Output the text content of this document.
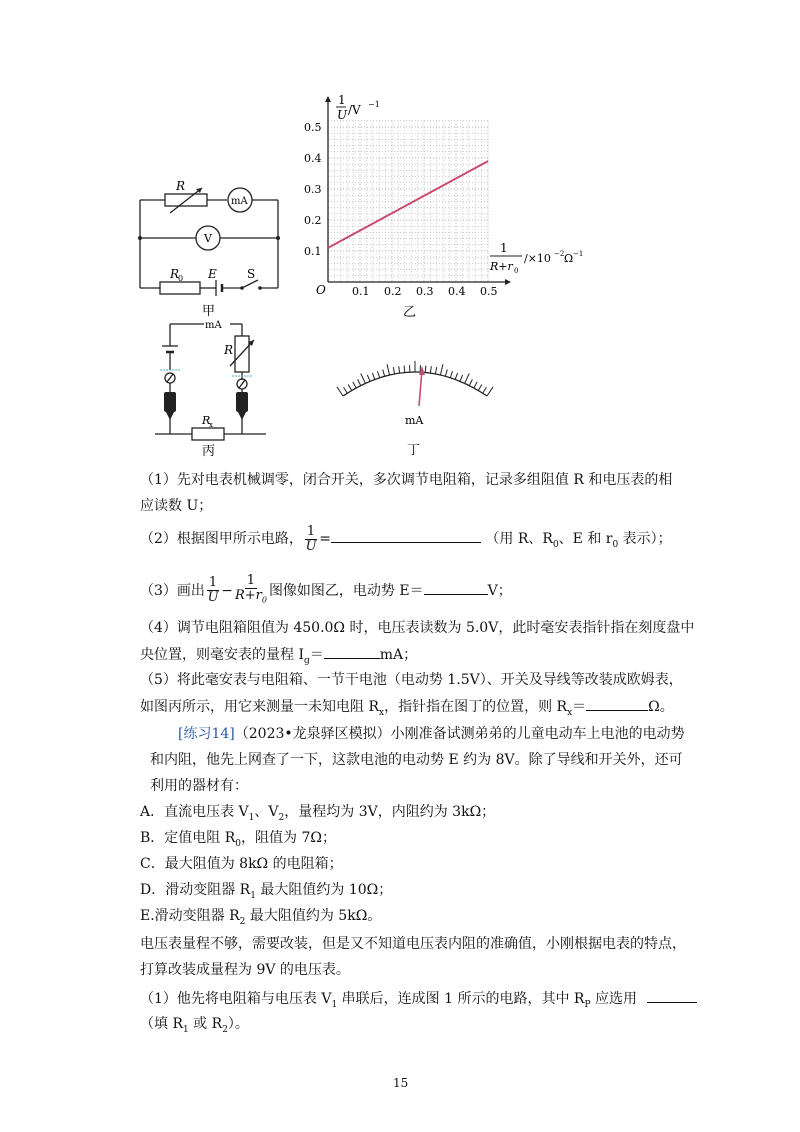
R
mA
V
R
0 E	S
甲
0.1 0.2 0.3 0.4 0.5
0.1
0.2
0.3
0.4
0.5
1
U /V −1
1
R+r 0
/×10 −2 Ω −1
O
乙
mA
R
R
x
丙
mA
丁
（1）先对电表机械调零，闭合开关，多次调节电阻箱，记录多组阻值 R 和电压表的相
应读数 U；
（2）根据图甲所示电路， $\frac{1}{U}$ =	（用 R、$R_0$、E 和 $r_0$ 表示）；
（3）画出 $\frac{1}{U} - \frac{1}{R+r_0}$ 图像如图乙，电动势 E＝	V；
（4）调节电阻箱阻值为 450.0Ω 时，电压表读数为 5.0V，此时毫安表指针指在刻度盘中
央位置，则毫安表的量程 $I_g=$	mA；
（5）将此毫安表与电阻箱、一节干电池（电动势 1.5V）、开关及导线等改装成欧姆表，
如图丙所示，用它来测量一未知电阻 $R_x$，指针指在图丁的位置，则 $R_x=$	Ω。
[练习14]（2023•龙泉驿区模拟）小刚准备试测弟弟的儿童电动车上电池的电动势
和内阻，他先上网查了一下，这款电池的电动势 E 约为 8V。除了导线和开关外，还可
利用的器材有：
A．直流电压表 $V_1$、$V_2$，量程均为 3V，内阻约为 3kΩ；
B．定值电阻 $R_0$，阻值为 7Ω；
C．最大阻值为 8kΩ 的电阻箱；
D．滑动变阻器 $R_1$ 最大阻值约为 10Ω；
E.滑动变阻器 $R_2$ 最大阻值约为 5kΩ。
电压表量程不够，需要改装，但是又不知道电压表内阻的准确值，小刚根据电表的特点，
打算改装成量程为 9V 的电压表。
（1）他先将电阻箱与电压表 $V_1$ 串联后，连成图 1 所示的电路，其中 $R_P$ 应选用
（填 $R_1$ 或 $R_2$）。
15
